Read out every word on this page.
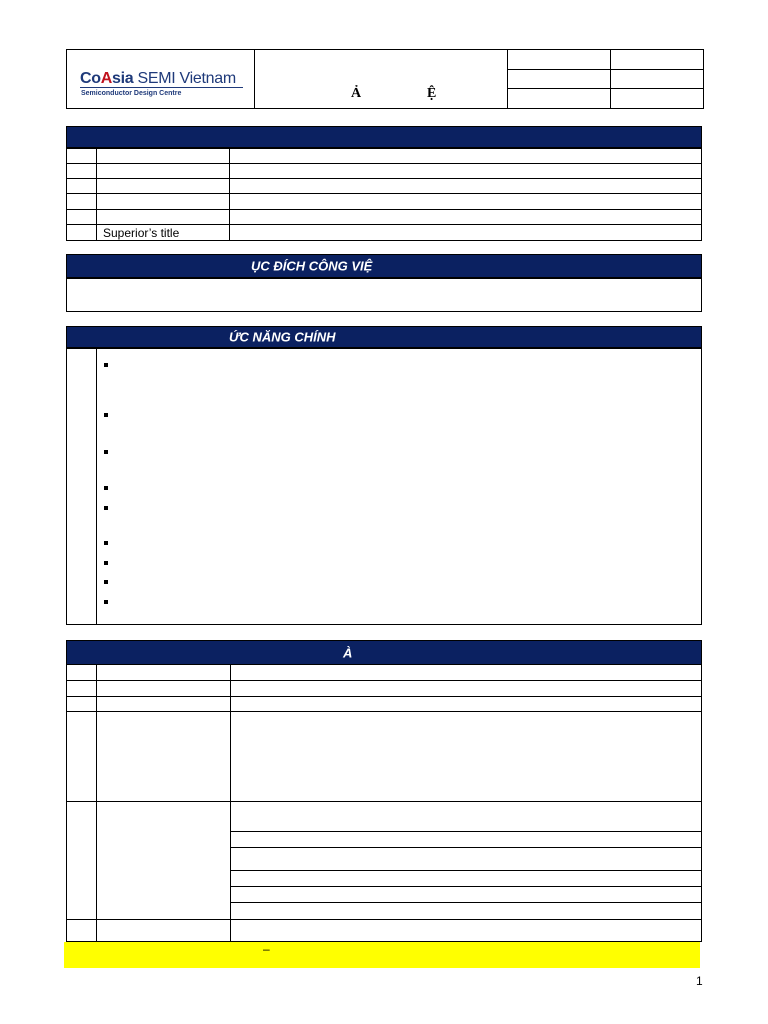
CoAsia SEMI Vietnam
Semiconductor Design Centre	Ả	Ệ

	Superior’s title	
ỤC ĐÍCH CÔNG VIỆ
ỨC NĂNG CHÍNH
À
–
1
